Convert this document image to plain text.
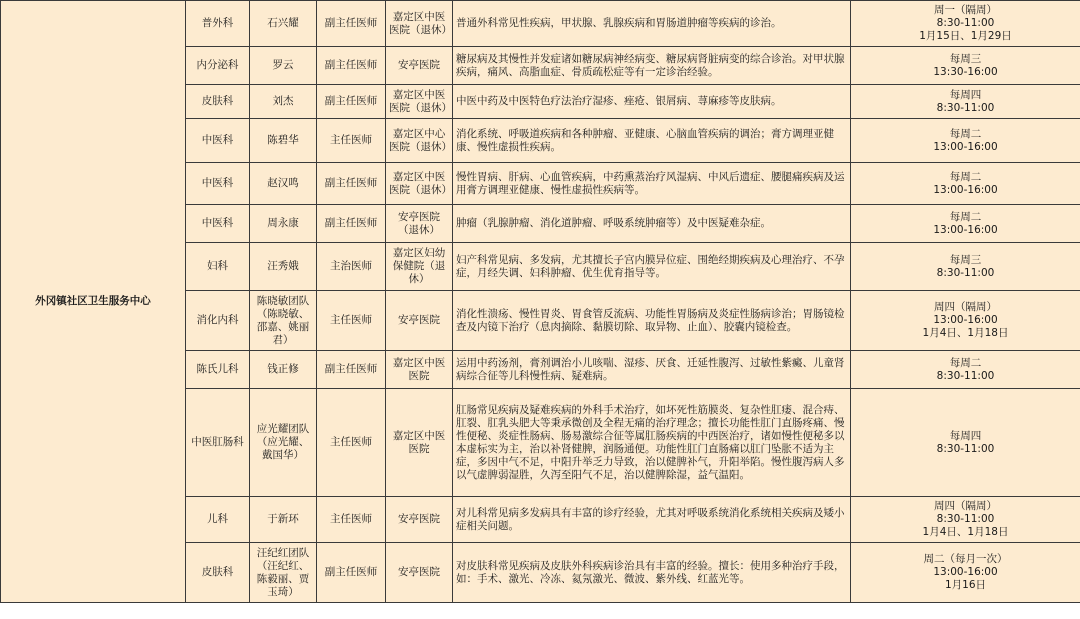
外冈镇社区卫生服务中心	普外科	石兴耀	副主任医师	嘉定区中医医院（退休）	普通外科常见性疾病，甲状腺、乳腺疾病和胃肠道肿瘤等疾病的诊治。	周一（隔周）
8:30-11:00
1月15日、1月29日

	内分泌科	罗云	副主任医师	安亭医院	糖尿病及其慢性并发症诸如糖尿病神经病变、糖尿病肾脏病变的综合诊治。对甲状腺疾病，痛风、高脂血症、骨质疏松症等有一定诊治经验。	每周三
13:30-16:00

	皮肤科	刘杰	副主任医师	嘉定区中医医院（退休）	中医中药及中医特色疗法治疗湿疹、痤疮、银屑病、荨麻疹等皮肤病。	每周四
8:30-11:00

	中医科	陈碧华	主任医师	嘉定区中心医院（退休）	消化系统、呼吸道疾病和各种肿瘤、亚健康、心脑血管疾病的调治；膏方调理亚健康、慢性虚损性疾病。	每周二
13:00-16:00

	中医科	赵汉鸣	副主任医师	嘉定区中医医院（退休）	慢性胃病、肝病、心血管疾病，中药熏蒸治疗风湿病、中风后遗症、腰腿痛疾病及运用膏方调理亚健康、慢性虚损性疾病等。	每周二
13:00-16:00

	中医科	周永康	副主任医师	安亭医院（退休）	肿瘤（乳腺肿瘤、消化道肿瘤、呼吸系统肿瘤等）及中医疑难杂症。	每周二
13:00-16:00

	妇科	汪秀娥	主治医师	嘉定区妇幼保健院（退休）	妇产科常见病、多发病，尤其擅长子宫内膜异位症、围绝经期疾病及心理治疗、不孕症，月经失调、妇科肿瘤、优生优育指导等。	每周三
8:30-11:00

	消化内科	陈晓敏团队（陈晓敏、邵嘉、姚丽君）	主任医师	安亭医院	消化性溃疡、慢性胃炎、胃食管反流病、功能性胃肠病及炎症性肠病诊治；胃肠镜检查及内镜下治疗（息肉摘除、黏膜切除、取异物、止血）、胶囊内镜检查。	周四（隔周）
13:00-16:00
1月4日、1月18日

	陈氏儿科	钱正修	副主任医师	嘉定区中医医院	运用中药汤剂，膏剂调治小儿咳喘、湿疹、厌食、迁延性腹泻、过敏性紫癜、儿童肾病综合征等儿科慢性病、疑难病。	每周二
8:30-11:00

	中医肛肠科	应光耀团队（应光耀、戴国华）	主任医师	嘉定区中医医院	肛肠常见疾病及疑难疾病的外科手术治疗，如坏死性筋膜炎、复杂性肛瘘、混合痔、肛裂、肛乳头肥大等秉承微创及全程无痛的治疗理念；擅长功能性肛门直肠疼痛、慢性便秘、炎症性肠病、肠易激综合征等属肛肠疾病的中西医治疗，诸如慢性便秘多以本虚标实为主，治以补肾健脾，润肠通便。功能性肛门直肠痛以肛门坠胀不适为主症，多因中气不足，中阳升举乏力导致，治以健脾补气，升阳举陷。慢性腹泻病人多以气虚脾弱湿胜，久泻至阳气不足，治以健脾除湿，益气温阳。	每周四
8:30-11:00

	儿科	于新环	主任医师	安亭医院	对儿科常见病多发病具有丰富的诊疗经验，尤其对呼吸系统消化系统相关疾病及矮小症相关问题。	周四（隔周）
8:30-11:00
1月4日、1月18日

	皮肤科	汪纪红团队（汪纪红、陈毅丽、贾玉琦）	副主任医师	安亭医院	对皮肤科常见疾病及皮肤外科疾病诊治具有丰富的经验。擅长：使用多种治疗手段，如：手术、激光、冷冻、氦氖激光、微波、紫外线、红蓝光等。	周二（每月一次）
13:00-16:00
1月16日
